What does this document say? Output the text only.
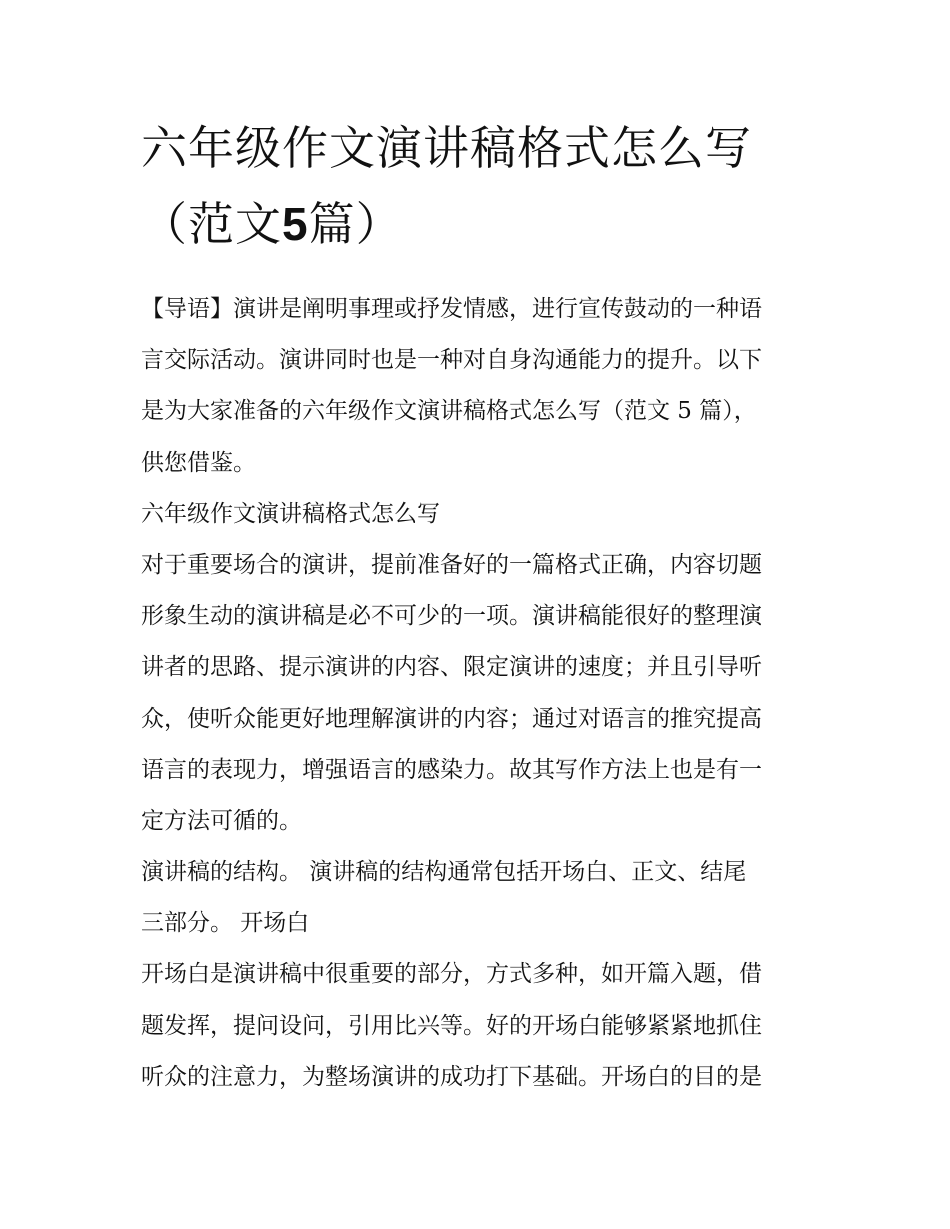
六年级作文演讲稿格式怎么写
（范文5篇）
【导语】演讲是阐明事理或抒发情感，进行宣传鼓动的一种语
言交际活动。演讲同时也是一种对自身沟通能力的提升。以下
是为大家准备的六年级作文演讲稿格式怎么写（范文 5 篇），
供您借鉴。
六年级作文演讲稿格式怎么写
对于重要场合的演讲，提前准备好的一篇格式正确，内容切题
形象生动的演讲稿是必不可少的一项。演讲稿能很好的整理演
讲者的思路、提示演讲的内容、限定演讲的速度；并且引导听
众，使听众能更好地理解演讲的内容；通过对语言的推究提高
语言的表现力，增强语言的感染力。故其写作方法上也是有一
定方法可循的。
演讲稿的结构。 演讲稿的结构通常包括开场白、正文、结尾
三部分。 开场白
开场白是演讲稿中很重要的部分，方式多种，如开篇入题，借
题发挥，提问设问，引用比兴等。好的开场白能够紧紧地抓住
听众的注意力，为整场演讲的成功打下基础。开场白的目的是
